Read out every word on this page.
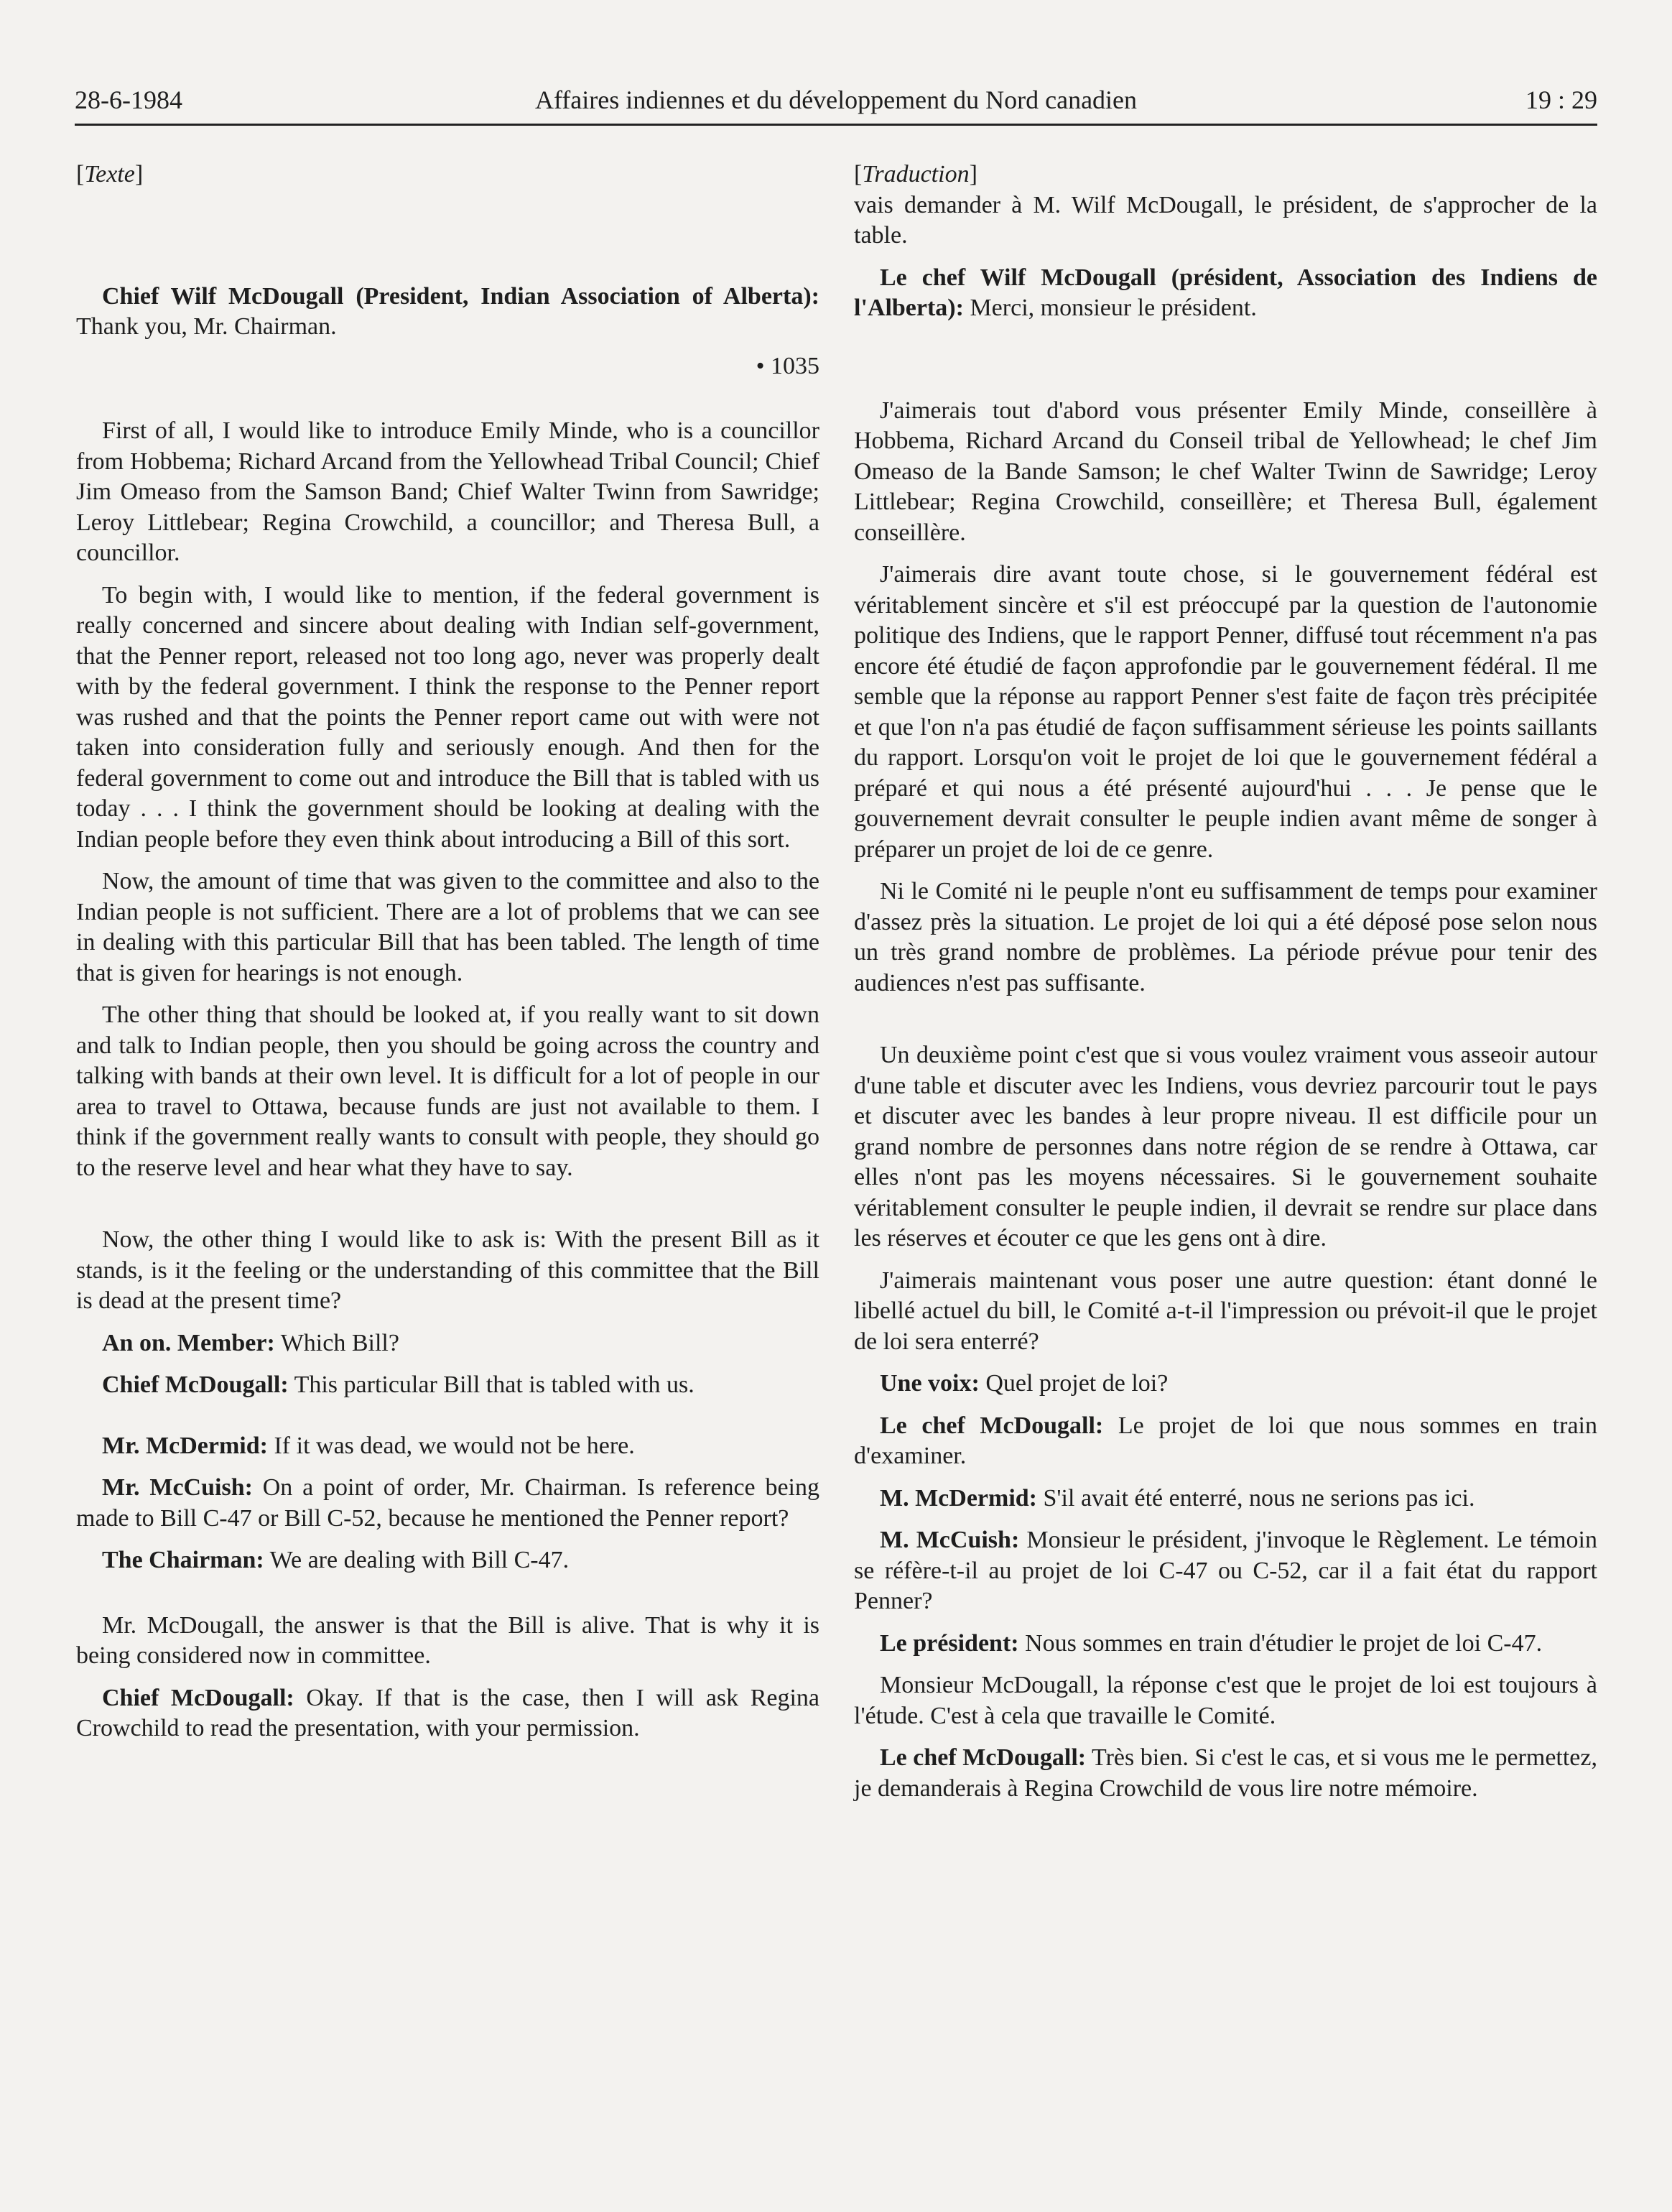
28-6-1984	Affaires indiennes et du développement du Nord canadien	19 : 29

[Texte]

Chief Wilf McDougall (President, Indian Association of Alberta): Thank you, Mr. Chairman.

• 1035

First of all, I would like to introduce Emily Minde, who is a councillor from Hobbema; Richard Arcand from the Yellowhead Tribal Council; Chief Jim Omeaso from the Samson Band; Chief Walter Twinn from Sawridge; Leroy Littlebear; Regina Crowchild, a councillor; and Theresa Bull, a councillor.

To begin with, I would like to mention, if the federal government is really concerned and sincere about dealing with Indian self-government, that the Penner report, released not too long ago, never was properly dealt with by the federal government. I think the response to the Penner report was rushed and that the points the Penner report came out with were not taken into consideration fully and seriously enough. And then for the federal government to come out and introduce the Bill that is tabled with us today . . . I think the government should be looking at dealing with the Indian people before they even think about introducing a Bill of this sort.

Now, the amount of time that was given to the committee and also to the Indian people is not sufficient. There are a lot of problems that we can see in dealing with this particular Bill that has been tabled. The length of time that is given for hearings is not enough.

The other thing that should be looked at, if you really want to sit down and talk to Indian people, then you should be going across the country and talking with bands at their own level. It is difficult for a lot of people in our area to travel to Ottawa, because funds are just not available to them. I think if the government really wants to consult with people, they should go to the reserve level and hear what they have to say.

Now, the other thing I would like to ask is: With the present Bill as it stands, is it the feeling or the understanding of this committee that the Bill is dead at the present time?

An on. Member: Which Bill?

Chief McDougall: This particular Bill that is tabled with us.

Mr. McDermid: If it was dead, we would not be here.

Mr. McCuish: On a point of order, Mr. Chairman. Is reference being made to Bill C-47 or Bill C-52, because he mentioned the Penner report?

The Chairman: We are dealing with Bill C-47.

Mr. McDougall, the answer is that the Bill is alive. That is why it is being considered now in committee.

Chief McDougall: Okay. If that is the case, then I will ask Regina Crowchild to read the presentation, with your permission.

[Traduction]

vais demander à M. Wilf McDougall, le président, de s'approcher de la table.

Le chef Wilf McDougall (président, Association des Indiens de l'Alberta): Merci, monsieur le président.

J'aimerais tout d'abord vous présenter Emily Minde, conseillère à Hobbema, Richard Arcand du Conseil tribal de Yellowhead; le chef Jim Omeaso de la Bande Samson; le chef Walter Twinn de Sawridge; Leroy Littlebear; Regina Crowchild, conseillère; et Theresa Bull, également conseillère.

J'aimerais dire avant toute chose, si le gouvernement fédéral est véritablement sincère et s'il est préoccupé par la question de l'autonomie politique des Indiens, que le rapport Penner, diffusé tout récemment n'a pas encore été étudié de façon approfondie par le gouvernement fédéral. Il me semble que la réponse au rapport Penner s'est faite de façon très précipitée et que l'on n'a pas étudié de façon suffisamment sérieuse les points saillants du rapport. Lorsqu'on voit le projet de loi que le gouvernement fédéral a préparé et qui nous a été présenté aujourd'hui . . . Je pense que le gouvernement devrait consulter le peuple indien avant même de songer à préparer un projet de loi de ce genre.

Ni le Comité ni le peuple n'ont eu suffisamment de temps pour examiner d'assez près la situation. Le projet de loi qui a été déposé pose selon nous un très grand nombre de problèmes. La période prévue pour tenir des audiences n'est pas suffisante.

Un deuxième point c'est que si vous voulez vraiment vous asseoir autour d'une table et discuter avec les Indiens, vous devriez parcourir tout le pays et discuter avec les bandes à leur propre niveau. Il est difficile pour un grand nombre de personnes dans notre région de se rendre à Ottawa, car elles n'ont pas les moyens nécessaires. Si le gouvernement souhaite véritablement consulter le peuple indien, il devrait se rendre sur place dans les réserves et écouter ce que les gens ont à dire.

J'aimerais maintenant vous poser une autre question: étant donné le libellé actuel du bill, le Comité a-t-il l'impression ou prévoit-il que le projet de loi sera enterré?

Une voix: Quel projet de loi?

Le chef McDougall: Le projet de loi que nous sommes en train d'examiner.

M. McDermid: S'il avait été enterré, nous ne serions pas ici.

M. McCuish: Monsieur le président, j'invoque le Règlement. Le témoin se réfère-t-il au projet de loi C-47 ou C-52, car il a fait état du rapport Penner?

Le président: Nous sommes en train d'étudier le projet de loi C-47.

Monsieur McDougall, la réponse c'est que le projet de loi est toujours à l'étude. C'est à cela que travaille le Comité.

Le chef McDougall: Très bien. Si c'est le cas, et si vous me le permettez, je demanderais à Regina Crowchild de vous lire notre mémoire.
